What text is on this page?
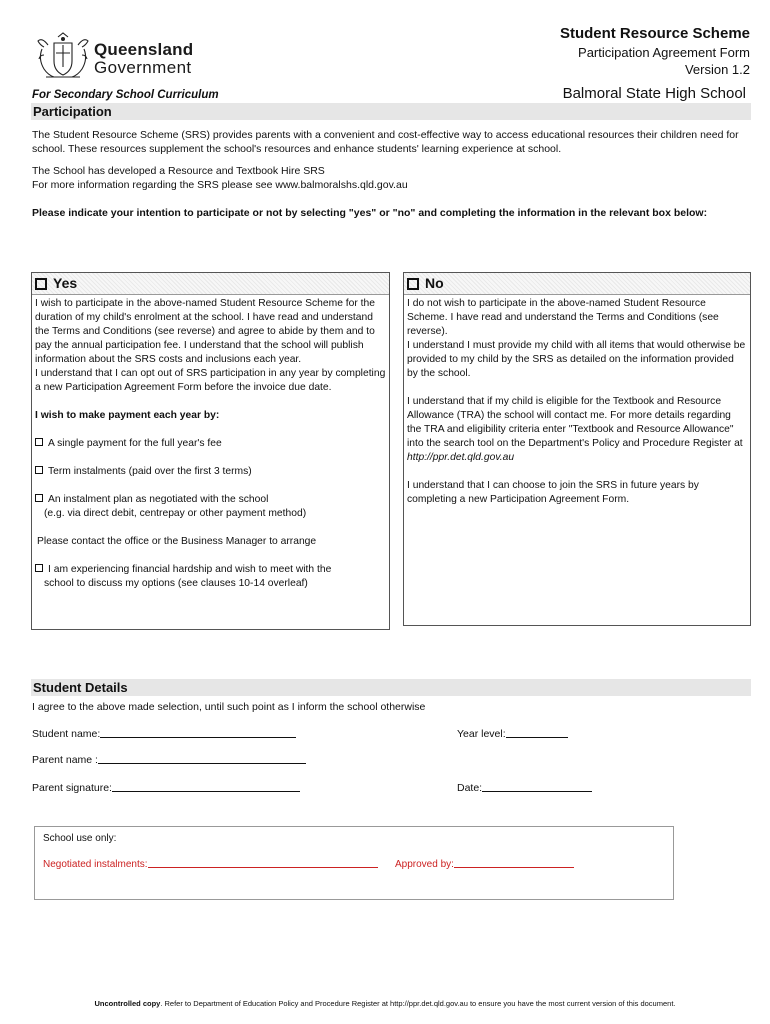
Queensland
Government
Student Resource Scheme
Participation Agreement Form
Version 1.2
Balmoral State High School
For Secondary School Curriculum
Participation

The Student Resource Scheme (SRS) provides parents with a convenient and cost-effective way to access educational resources their children need for school. These resources supplement the school's resources and enhance students' learning experience at school.

The School has developed a Resource and Textbook Hire SRS
For more information regarding the SRS please see www.balmoralshs.qld.gov.au

Please indicate your intention to participate or not by selecting "yes" or "no" and completing the information in the relevant box below:

Yes

I wish to participate in the above-named Student Resource Scheme for the duration of my child's enrolment at the school. I have read and understand the Terms and Conditions (see reverse) and agree to abide by them and to pay the annual participation fee. I understand that the school will publish information about the SRS costs and inclusions each year.

I understand that I can opt out of SRS participation in any year by completing a new Participation Agreement Form before the invoice due date.

I wish to make payment each year by:

A single payment for the full year's fee

Term instalments (paid over the first 3 terms)

An instalment plan as negotiated with the school

(e.g. via direct debit, centrepay or other payment method)

Please contact the office or the Business Manager to arrange

I am experiencing financial hardship and wish to meet with the

school to discuss my options (see clauses 10-14 overleaf)

No

I do not wish to participate in the above-named Student Resource Scheme. I have read and understand the Terms and Conditions (see reverse).

I understand I must provide my child with all items that would otherwise be provided to my child by the SRS as detailed on the information provided by the school.

I understand that if my child is eligible for the Textbook and Resource Allowance (TRA) the school will contact me. For more details regarding the TRA and eligibility criteria enter "Textbook and Resource Allowance" into the search tool on the Department's Policy and Procedure Register at
http://ppr.det.qld.gov.au

I understand that I can choose to join the SRS in future years by completing a new Participation Agreement Form.

Student Details
I agree to the above made selection, until such point as I inform the school otherwise
Student name:	Year level:
Parent name :
Parent signature:	Date:
School use only:
Negotiated instalments:	Approved by:
Uncontrolled copy. Refer to Department of Education Policy and Procedure Register at http://ppr.det.qld.gov.au to ensure you have the most current version of this document.
